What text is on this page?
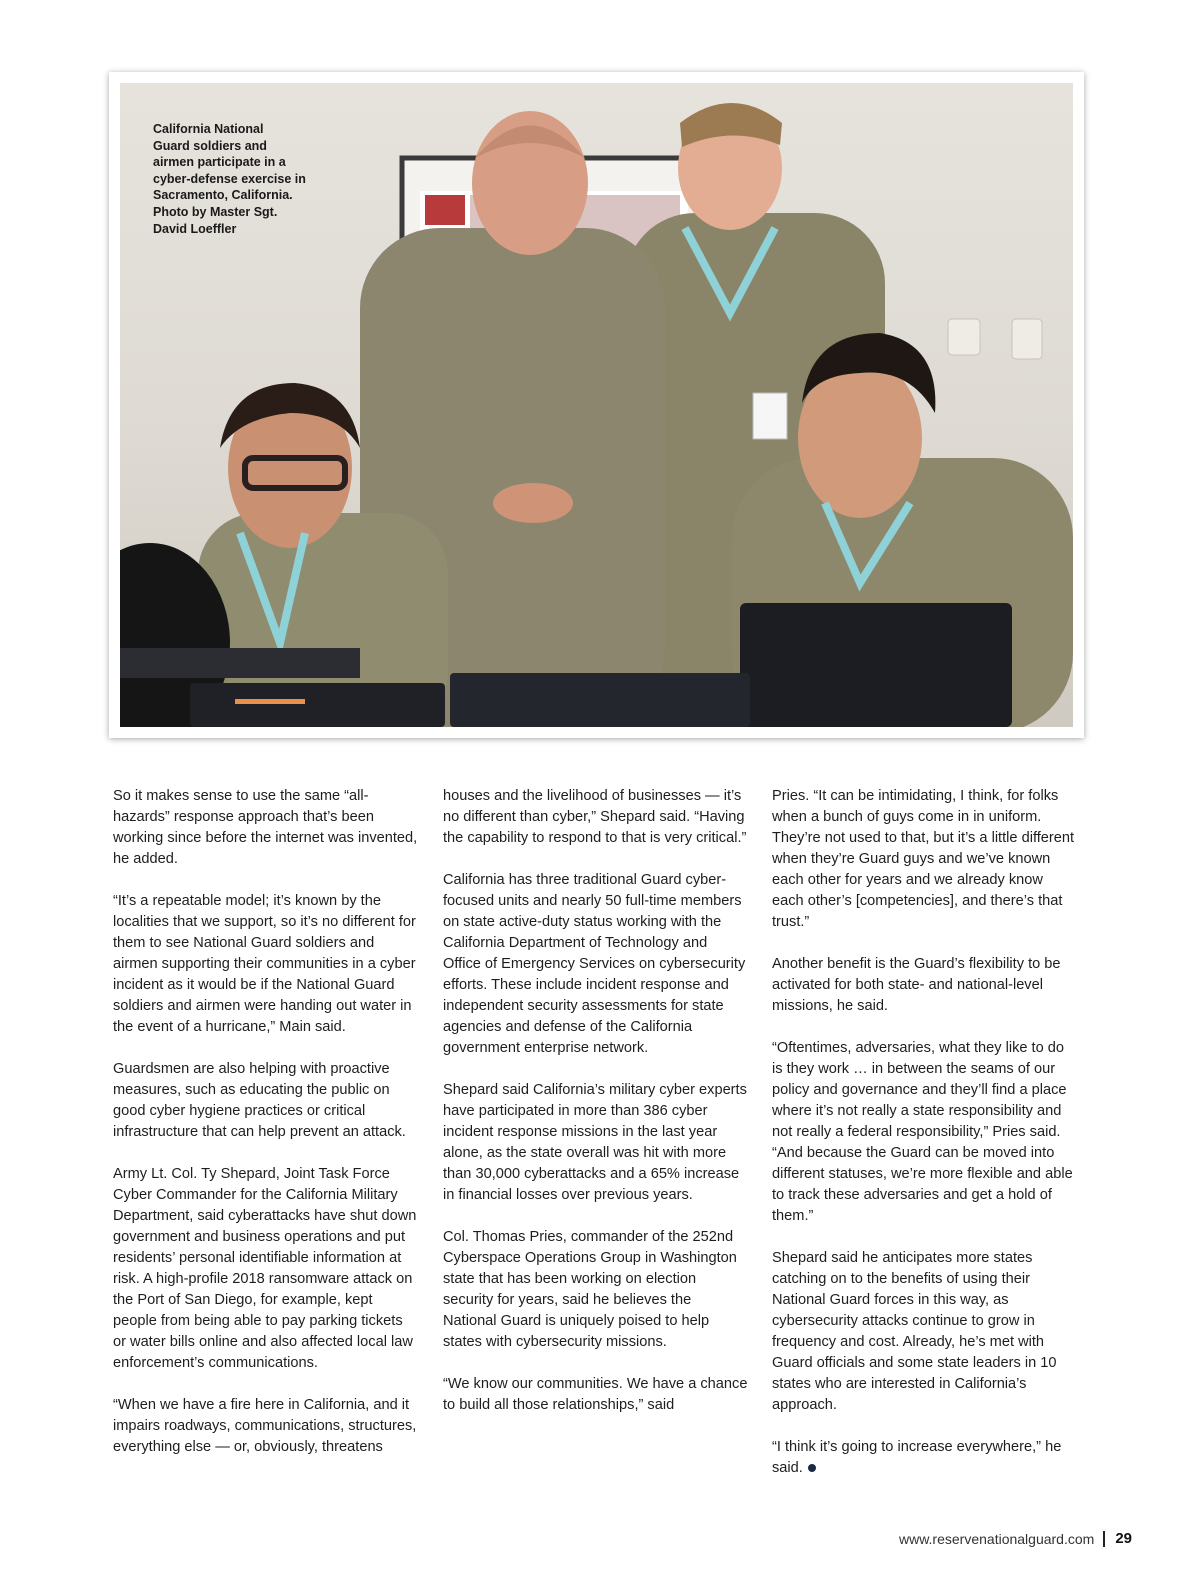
California National
Guard soldiers and
airmen participate in a
cyber-defense exercise in
Sacramento, California.
Photo by Master Sgt.
David Loeffler

So it makes sense to use the same “all-hazards” response approach that’s been working since before the internet was invented, he added.

“It’s a repeatable model; it’s known by the localities that we support, so it’s no different for them to see National Guard soldiers and airmen supporting their communities in a cyber incident as it would be if the National Guard soldiers and airmen were handing out water in the event of a hurricane,” Main said.

Guardsmen are also helping with proactive measures, such as educating the public on good cyber hygiene practices or critical infrastructure that can help prevent an attack.

Army Lt. Col. Ty Shepard, Joint Task Force Cyber Commander for the California Military Department, said cyberattacks have shut down government and business operations and put residents’ personal identifiable information at risk. A high-profile 2018 ransomware attack on the Port of San Diego, for example, kept people from being able to pay parking tickets or water bills online and also affected local law enforcement’s communications.

“When we have a fire here in California, and it impairs roadways, communications, structures, everything else — or, obviously, threatens

houses and the livelihood of businesses — it’s no different than cyber,” Shepard said. “Having the capability to respond to that is very critical.”

California has three traditional Guard cyber-focused units and nearly 50 full-time members on state active-duty status working with the California Department of Technology and Office of Emergency Services on cybersecurity efforts. These include incident response and independent security assessments for state agencies and defense of the California government enterprise network.

Shepard said California’s military cyber experts have participated in more than 386 cyber incident response missions in the last year alone, as the state overall was hit with more than 30,000 cyberattacks and a 65% increase in financial losses over previous years.

Col. Thomas Pries, commander of the 252nd Cyberspace Operations Group in Washington state that has been working on election security for years, said he believes the National Guard is uniquely poised to help states with cybersecurity missions.

“We know our communities. We have a chance to build all those relationships,” said

Pries. “It can be intimidating, I think, for folks when a bunch of guys come in in uniform. They’re not used to that, but it’s a little different when they’re Guard guys and we’ve known each other for years and we already know each other’s [competencies], and there’s that trust.”

Another benefit is the Guard’s flexibility to be activated for both state- and national-level missions, he said.

“Oftentimes, adversaries, what they like to do is they work … in between the seams of our policy and governance and they’ll find a place where it’s not really a state responsibility and not really a federal responsibility,” Pries said. “And because the Guard can be moved into different statuses, we’re more flexible and able to track these adversaries and get a hold of them.”

Shepard said he anticipates more states catching on to the benefits of using their National Guard forces in this way, as cybersecurity attacks continue to grow in frequency and cost. Already, he’s met with Guard officials and some state leaders in 10 states who are interested in California’s approach.

“I think it’s going to increase everywhere,” he said.

www.reservenationalguard.com 29
